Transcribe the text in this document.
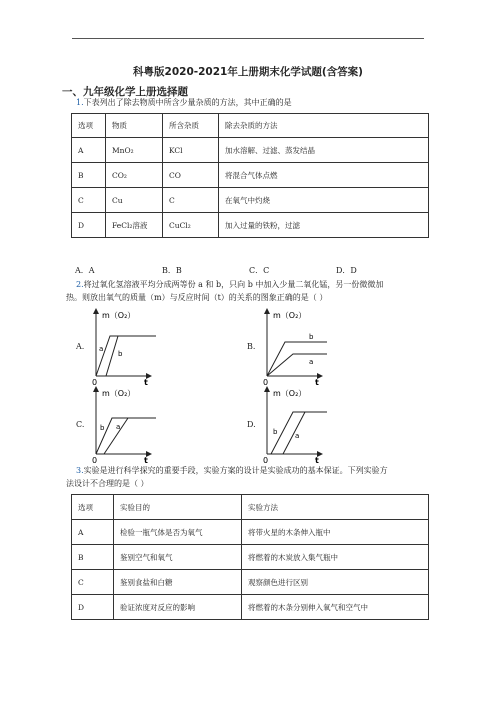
科粤版2020-2021年上册期末化学试题(含答案)
一、九年级化学上册选择题
1.下表列出了除去物质中所含少量杂质的方法，其中正确的是
选项	物质	所含杂质	除去杂质的方法
A	MnO₂	KCl	加水溶解、过滤、蒸发结晶
B	CO₂	CO	将混合气体点燃
C	Cu	C	在氧气中灼烧
D	FeCl₂溶液	CuCl₂	加入过量的铁粉，过滤
A．A	B．B	C．C	D．D
2.将过氧化氢溶液平均分成两等份 a 和 b，只向 b 中加入少量二氧化锰，另一份微微加
热。则放出氧气的质量（m）与反应时间（t）的关系的图象正确的是（ ）
A.
m（O₂）
0	t
a
b
B.
m（O₂）
0	t
b
a
C.
m（O₂）
0	t
b a	D.
m（O₂）
0	t
b	a
3.实验是进行科学探究的重要手段，实验方案的设计是实验成功的基本保证。下列实验方
法设计不合理的是（ ）
选项	实验目的	实验方法
A	检验一瓶气体是否为氧气	将带火星的木条伸入瓶中
B	鉴别空气和氧气	将燃着的木炭放入集气瓶中
C	鉴别食盐和白糖	观察颜色进行区别
D	验证浓度对反应的影响	将燃着的木条分别伸入氧气和空气中
